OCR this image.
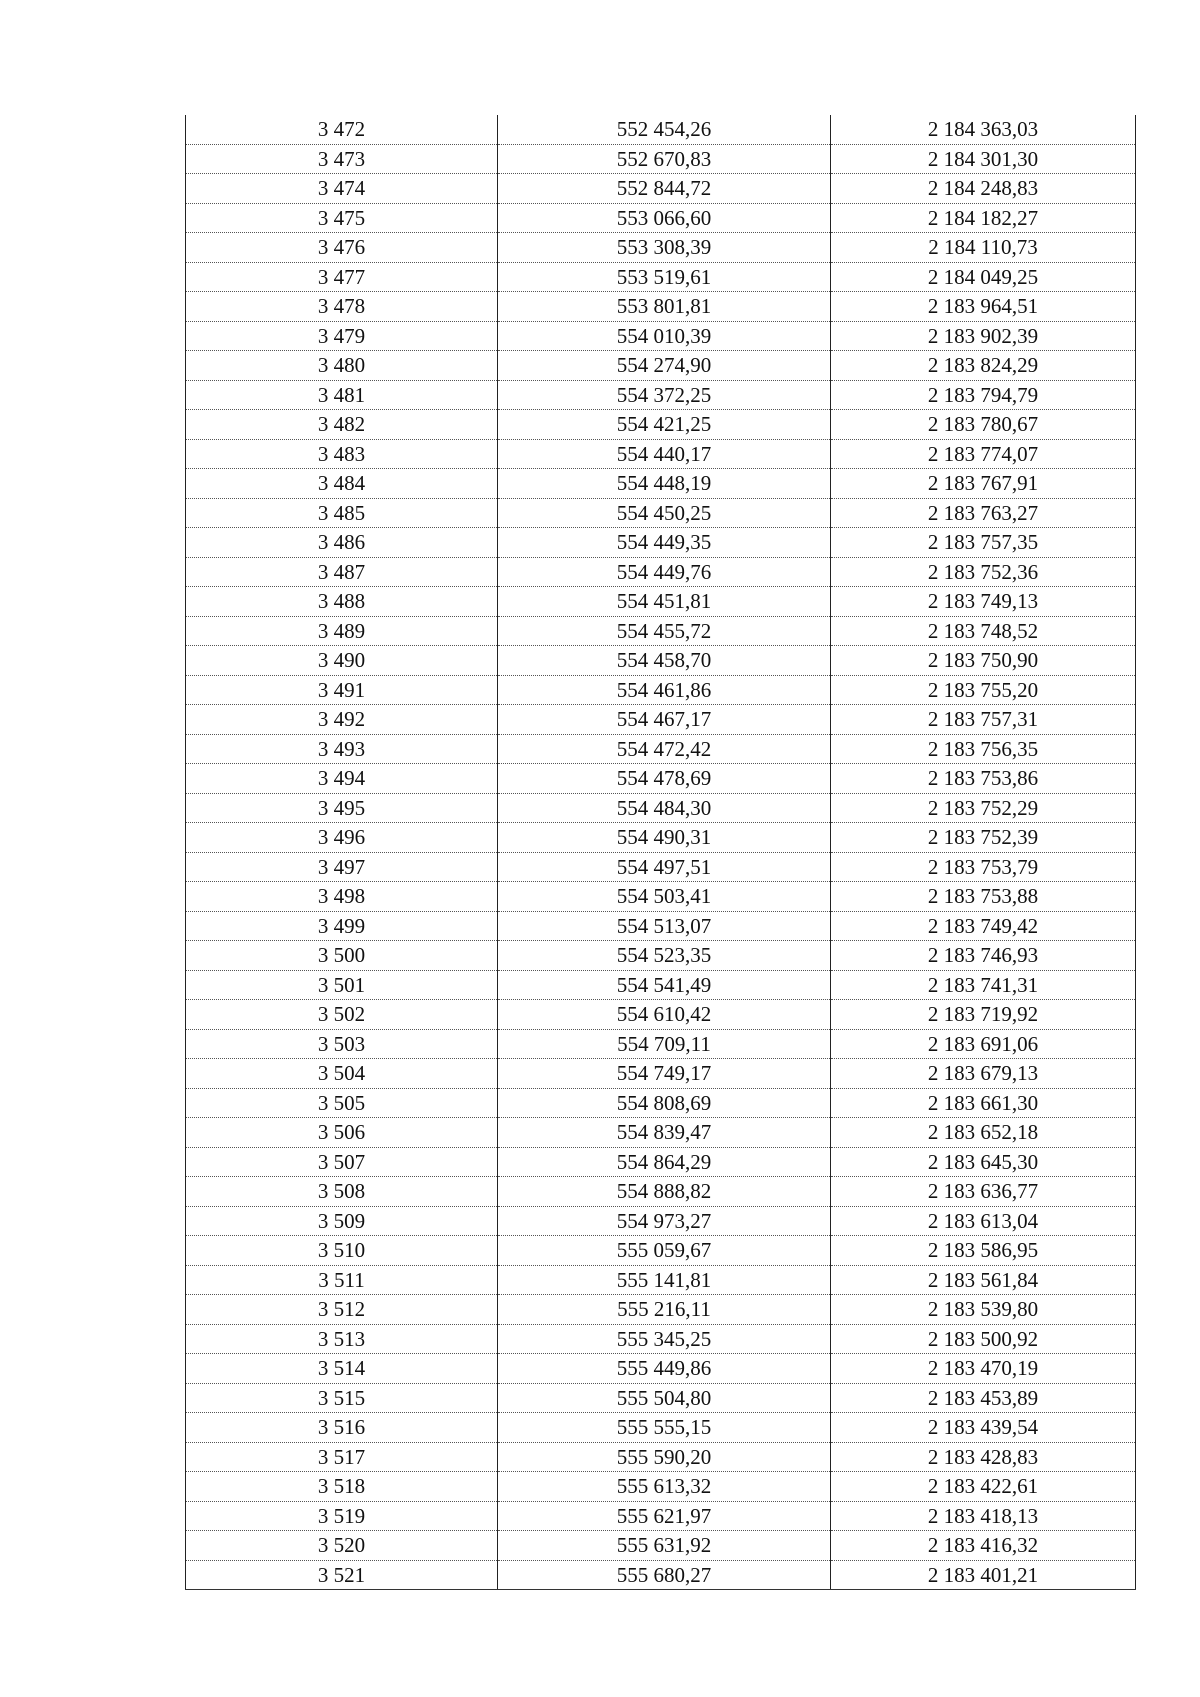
3 472	552 454,26	2 184 363,03
3 473	552 670,83	2 184 301,30
3 474	552 844,72	2 184 248,83
3 475	553 066,60	2 184 182,27
3 476	553 308,39	2 184 110,73
3 477	553 519,61	2 184 049,25
3 478	553 801,81	2 183 964,51
3 479	554 010,39	2 183 902,39
3 480	554 274,90	2 183 824,29
3 481	554 372,25	2 183 794,79
3 482	554 421,25	2 183 780,67
3 483	554 440,17	2 183 774,07
3 484	554 448,19	2 183 767,91
3 485	554 450,25	2 183 763,27
3 486	554 449,35	2 183 757,35
3 487	554 449,76	2 183 752,36
3 488	554 451,81	2 183 749,13
3 489	554 455,72	2 183 748,52
3 490	554 458,70	2 183 750,90
3 491	554 461,86	2 183 755,20
3 492	554 467,17	2 183 757,31
3 493	554 472,42	2 183 756,35
3 494	554 478,69	2 183 753,86
3 495	554 484,30	2 183 752,29
3 496	554 490,31	2 183 752,39
3 497	554 497,51	2 183 753,79
3 498	554 503,41	2 183 753,88
3 499	554 513,07	2 183 749,42
3 500	554 523,35	2 183 746,93
3 501	554 541,49	2 183 741,31
3 502	554 610,42	2 183 719,92
3 503	554 709,11	2 183 691,06
3 504	554 749,17	2 183 679,13
3 505	554 808,69	2 183 661,30
3 506	554 839,47	2 183 652,18
3 507	554 864,29	2 183 645,30
3 508	554 888,82	2 183 636,77
3 509	554 973,27	2 183 613,04
3 510	555 059,67	2 183 586,95
3 511	555 141,81	2 183 561,84
3 512	555 216,11	2 183 539,80
3 513	555 345,25	2 183 500,92
3 514	555 449,86	2 183 470,19
3 515	555 504,80	2 183 453,89
3 516	555 555,15	2 183 439,54
3 517	555 590,20	2 183 428,83
3 518	555 613,32	2 183 422,61
3 519	555 621,97	2 183 418,13
3 520	555 631,92	2 183 416,32
3 521	555 680,27	2 183 401,21
